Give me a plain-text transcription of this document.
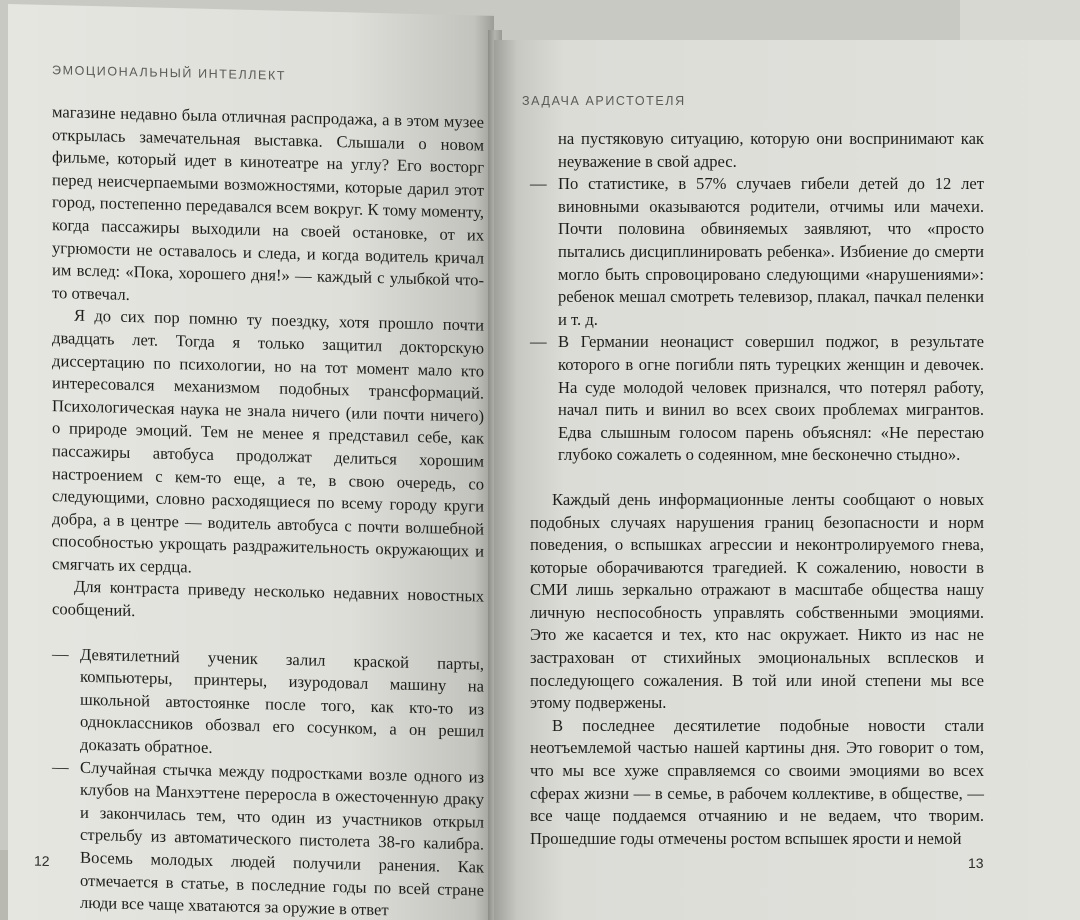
ЭМОЦИОНАЛЬНЫЙ ИНТЕЛЛЕКТ

магазине недавно была отличная распродажа, а в этом музее открылась замечательная выставка. Слышали о новом фильме, который идет в кинотеатре на углу? Его восторг перед неисчерпаемыми возможностями, которые дарил этот город, постепенно передавался всем вокруг. К тому моменту, когда пассажиры выходили на своей остановке, от их угрюмости не оставалось и следа, и когда водитель кричал им вслед: «Пока, хорошего дня!» — каждый с улыбкой что-то отвечал.

Я до сих пор помню ту поездку, хотя прошло почти двадцать лет. Тогда я только защитил докторскую диссертацию по психологии, но на тот момент мало кто интересовался механизмом подобных трансформаций. Психологическая наука не знала ничего (или почти ничего) о природе эмоций. Тем не менее я представил себе, как пассажиры автобуса продолжат делиться хорошим настроением с кем-то еще, а те, в свою очередь, со следующими, словно расходящиеся по всему городу круги добра, а в центре — водитель автобуса с почти волшебной способностью укрощать раздражительность окружающих и смягчать их сердца.

Для контраста приведу несколько недавних новостных сообщений.

— Девятилетний ученик залил краской парты, компьютеры, принтеры, изуродовал машину на школьной автостоянке после того, как кто-то из одноклассников обозвал его сосунком, а он решил доказать обратное.

— Случайная стычка между подростками возле одного из клубов на Манхэттене переросла в ожесточенную драку и закончилась тем, что один из участников открыл стрельбу из автоматического пистолета 38-го калибра. Восемь молодых людей получили ранения. Как отмечается в статье, в последние годы по всей стране люди все чаще хватаются за оружие в ответ

12
ЗАДАЧА АРИСТОТЕЛЯ

на пустяковую ситуацию, которую они воспринимают как неуважение в свой адрес.

— По статистике, в 57% случаев гибели детей до 12 лет виновными оказываются родители, отчимы или мачехи. Почти половина обвиняемых заявляют, что «просто пытались дисциплинировать ребенка». Избиение до смерти могло быть спровоцировано следующими «нарушениями»: ребенок мешал смотреть телевизор, плакал, пачкал пеленки и т. д.

— В Германии неонацист совершил поджог, в результате которого в огне погибли пять турецких женщин и девочек. На суде молодой человек признался, что потерял работу, начал пить и винил во всех своих проблемах мигрантов. Едва слышным голосом парень объяснял: «Не перестаю глубоко сожалеть о содеянном, мне бесконечно стыдно».

Каждый день информационные ленты сообщают о новых подобных случаях нарушения границ безопасности и норм поведения, о вспышках агрессии и неконтролируемого гнева, которые оборачиваются трагедией. К сожалению, новости в СМИ лишь зеркально отражают в масштабе общества нашу личную неспособность управлять собственными эмоциями. Это же касается и тех, кто нас окружает. Никто из нас не застрахован от стихийных эмоциональных всплесков и последующего сожаления. В той или иной степени мы все этому подвержены.

В последнее десятилетие подобные новости стали неотъемлемой частью нашей картины дня. Это говорит о том, что мы все хуже справляемся со своими эмоциями во всех сферах жизни — в семье, в рабочем коллективе, в обществе, — все чаще поддаемся отчаянию и не ведаем, что творим. Прошедшие годы отмечены ростом вспышек ярости и немой

13
